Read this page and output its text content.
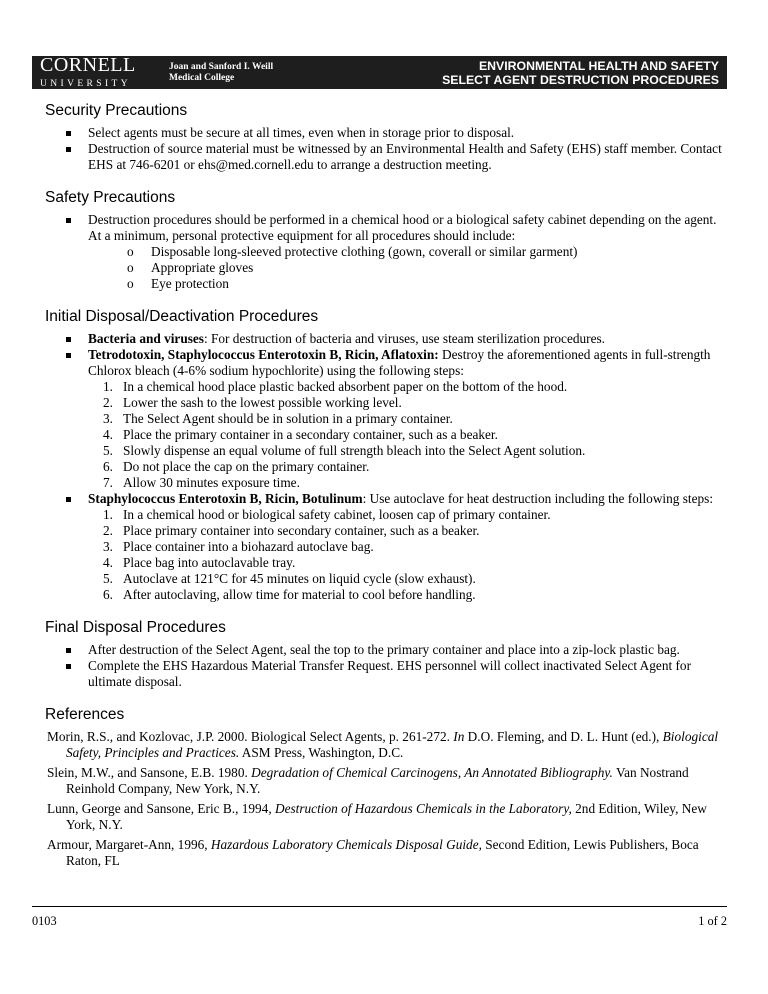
CORNELL
UNIVERSITY
Joan and Sanford I. Weill
Medical College
ENVIRONMENTAL HEALTH AND SAFETY
SELECT AGENT DESTRUCTION PROCEDURES
Security Precautions
Select agents must be secure at all times, even when in storage prior to disposal.
Destruction of source material must be witnessed by an Environmental Health and Safety (EHS) staff member. Contact EHS at 746-6201 or ehs@med.cornell.edu to arrange a destruction meeting.
Safety Precautions
Destruction procedures should be performed in a chemical hood or a biological safety cabinet depending on the agent. At a minimum, personal protective equipment for all procedures should include:
o Disposable long-sleeved protective clothing (gown, coverall or similar garment)
o Appropriate gloves
o Eye protection
Initial Disposal/Deactivation Procedures
Bacteria and viruses: For destruction of bacteria and viruses, use steam sterilization procedures.
Tetrodotoxin, Staphylococcus Enterotoxin B, Ricin, Aflatoxin: Destroy the aforementioned agents in full-strength Chlorox bleach (4-6% sodium hypochlorite) using the following steps:
1. In a chemical hood place plastic backed absorbent paper on the bottom of the hood.
2. Lower the sash to the lowest possible working level.
3. The Select Agent should be in solution in a primary container.
4. Place the primary container in a secondary container, such as a beaker.
5. Slowly dispense an equal volume of full strength bleach into the Select Agent solution.
6. Do not place the cap on the primary container.
7. Allow 30 minutes exposure time.
Staphylococcus Enterotoxin B, Ricin, Botulinum: Use autoclave for heat destruction including the following steps:
1. In a chemical hood or biological safety cabinet, loosen cap of primary container.
2. Place primary container into secondary container, such as a beaker.
3. Place container into a biohazard autoclave bag.
4. Place bag into autoclavable tray.
5. Autoclave at 121°C for 45 minutes on liquid cycle (slow exhaust).
6. After autoclaving, allow time for material to cool before handling.
Final Disposal Procedures
After destruction of the Select Agent, seal the top to the primary container and place into a zip-lock plastic bag.
Complete the EHS Hazardous Material Transfer Request. EHS personnel will collect inactivated Select Agent for ultimate disposal.
References

Morin, R.S., and Kozlovac, J.P. 2000. Biological Select Agents, p. 261-272. In D.O. Fleming, and D. L. Hunt (ed.), Biological Safety, Principles and Practices. ASM Press, Washington, D.C.

Slein, M.W., and Sansone, E.B. 1980. Degradation of Chemical Carcinogens, An Annotated Bibliography. Van Nostrand Reinhold Company, New York, N.Y.

Lunn, George and Sansone, Eric B., 1994, Destruction of Hazardous Chemicals in the Laboratory, 2nd Edition, Wiley, New York, N.Y.

Armour, Margaret-Ann, 1996, Hazardous Laboratory Chemicals Disposal Guide, Second Edition, Lewis Publishers, Boca Raton, FL

0103	1 of 2
